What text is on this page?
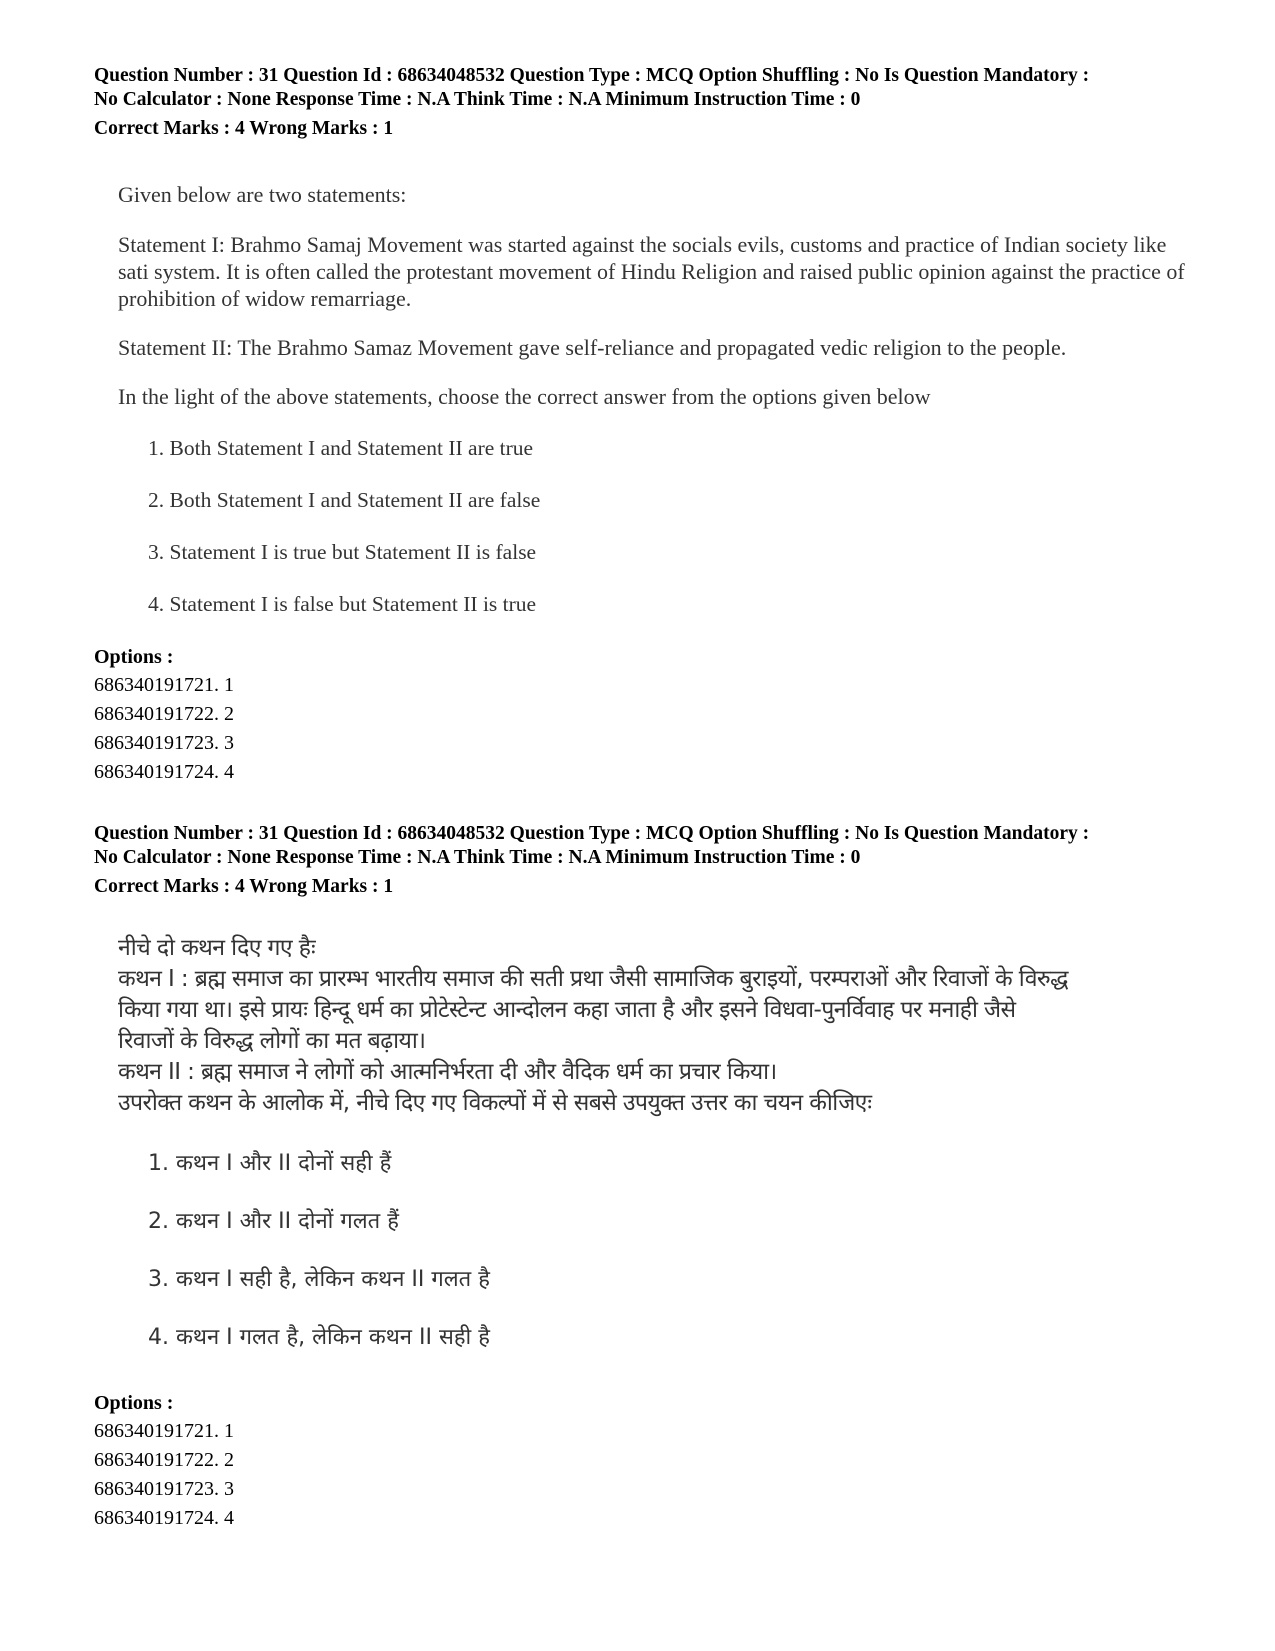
Question Number : 31 Question Id : 68634048532 Question Type : MCQ Option Shuffling : No Is Question Mandatory :

No Calculator : None Response Time : N.A Think Time : N.A Minimum Instruction Time : 0

Correct Marks : 4 Wrong Marks : 1

Given below are two statements:

Statement I: Brahmo Samaj Movement was started against the socials evils, customs and practice of Indian society like sati system. It is often called the protestant movement of Hindu Religion and raised public opinion against the practice of prohibition of widow remarriage.

Statement II: The Brahmo Samaz Movement gave self-reliance and propagated vedic religion to the people.

In the light of the above statements, choose the correct answer from the options given below

1. Both Statement I and Statement II are true

2. Both Statement I and Statement II are false

3. Statement I is true but Statement II is false

4. Statement I is false but Statement II is true

Options :

686340191721. 1

686340191722. 2

686340191723. 3

686340191724. 4

Question Number : 31 Question Id : 68634048532 Question Type : MCQ Option Shuffling : No Is Question Mandatory :

No Calculator : None Response Time : N.A Think Time : N.A Minimum Instruction Time : 0

Correct Marks : 4 Wrong Marks : 1

नीचे दो कथन दिए गए हैः

कथन I : ब्रह्म समाज का प्रारम्भ भारतीय समाज की सती प्रथा जैसी सामाजिक बुराइयों, परम्पराओं और रिवाजों के विरुद्ध

किया गया था। इसे प्रायः हिन्दू धर्म का प्रोटेस्टेन्ट आन्दोलन कहा जाता है और इसने विधवा-पुनर्विवाह पर मनाही जैसे

रिवाजों के विरुद्ध लोगों का मत बढ़ाया।

कथन II : ब्रह्म समाज ने लोगों को आत्मनिर्भरता दी और वैदिक धर्म का प्रचार किया।

उपरोक्त कथन के आलोक में, नीचे दिए गए विकल्पों में से सबसे उपयुक्त उत्तर का चयन कीजिएः

1. कथन I और II दोनों सही हैं

2. कथन I और II दोनों गलत हैं

3. कथन I सही है, लेकिन कथन II गलत है

4. कथन I गलत है, लेकिन कथन II सही है

Options :

686340191721. 1

686340191722. 2

686340191723. 3

686340191724. 4
